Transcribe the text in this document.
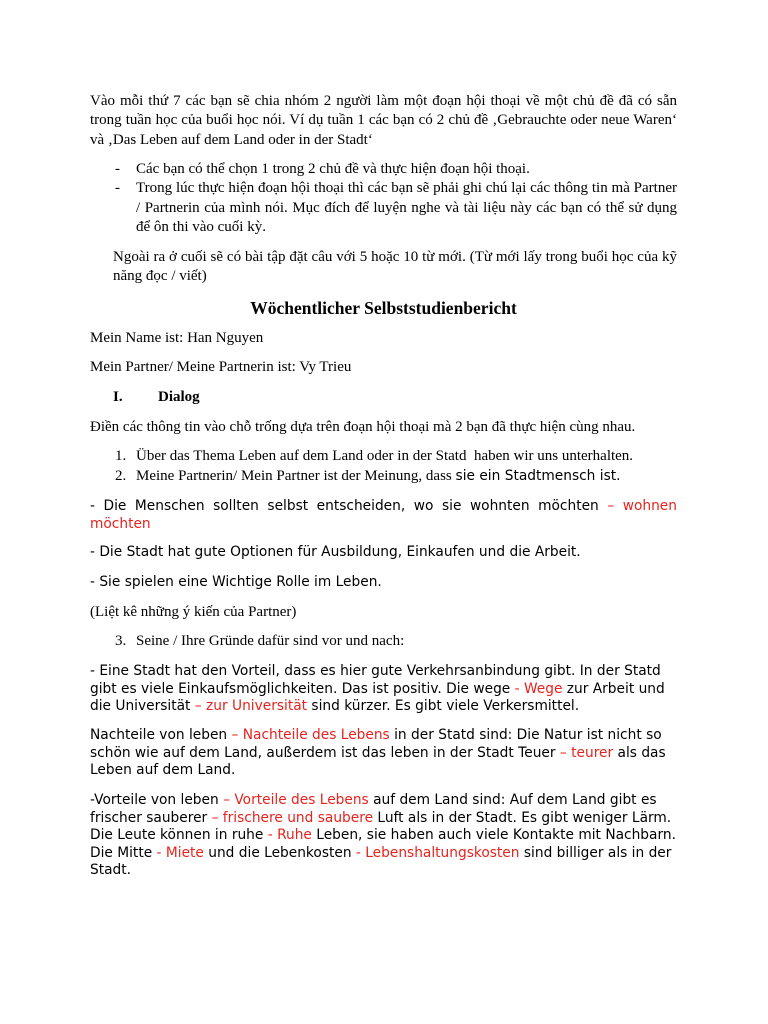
Vào mỗi thứ 7 các bạn sẽ chia nhóm 2 người làm một đoạn hội thoại về một chủ đề đã có sẵn trong tuần học của buổi học nói. Ví dụ tuần 1 các bạn có 2 chủ đề ‚Gebrauchte oder neue Waren‘ và ‚Das Leben auf dem Land oder in der Stadt‘

- Các bạn có thể chọn 1 trong 2 chủ đề và thực hiện đoạn hội thoại.
- Trong lúc thực hiện đoạn hội thoại thì các bạn sẽ phải ghi chú lại các thông tin mà Partner / Partnerin của mình nói. Mục đích để luyện nghe và tài liệu này các bạn có thể sử dụng để ôn thi vào cuối kỳ.

Ngoài ra ở cuối sẽ có bài tập đặt câu với 5 hoặc 10 từ mới. (Từ mới lấy trong buổi học của kỹ năng đọc / viết)

Wöchentlicher Selbststudienbericht

Mein Name ist: Han Nguyen

Mein Partner/ Meine Partnerin ist: Vy Trieu

I. Dialog

Điền các thông tin vào chỗ trống dựa trên đoạn hội thoại mà 2 bạn đã thực hiện cùng nhau.

1. Über das Thema Leben auf dem Land oder in der Statd  haben wir uns unterhalten.
2. Meine Partnerin/ Mein Partner ist der Meinung, dass sie ein Stadtmensch ist.

- Die Menschen sollten selbst entscheiden, wo sie wohnten möchten – wohnen möchten

- Die Stadt hat gute Optionen für Ausbildung, Einkaufen und die Arbeit.

- Sie spielen eine Wichtige Rolle im Leben.

(Liệt kê những ý kiến của Partner)

3. Seine / Ihre Gründe dafür sind vor und nach:

- Eine Stadt hat den Vorteil, dass es hier gute Verkehrsanbindung gibt. In der Statd gibt es viele Einkaufsmöglichkeiten. Das ist positiv. Die wege - Wege zur Arbeit und die Universität – zur Universität sind kürzer. Es gibt viele Verkersmittel.

Nachteile von leben – Nachteile des Lebens in der Statd sind: Die Natur ist nicht so schön wie auf dem Land, außerdem ist das leben in der Stadt Teuer – teurer als das Leben auf dem Land.

-Vorteile von leben – Vorteile des Lebens auf dem Land sind: Auf dem Land gibt es frischer sauberer – frischere und saubere Luft als in der Stadt. Es gibt weniger Lärm. Die Leute können in ruhe - Ruhe Leben, sie haben auch viele Kontakte mit Nachbarn. Die Mitte - Miete und die Lebenkosten - Lebenshaltungskosten sind billiger als in der Stadt.
